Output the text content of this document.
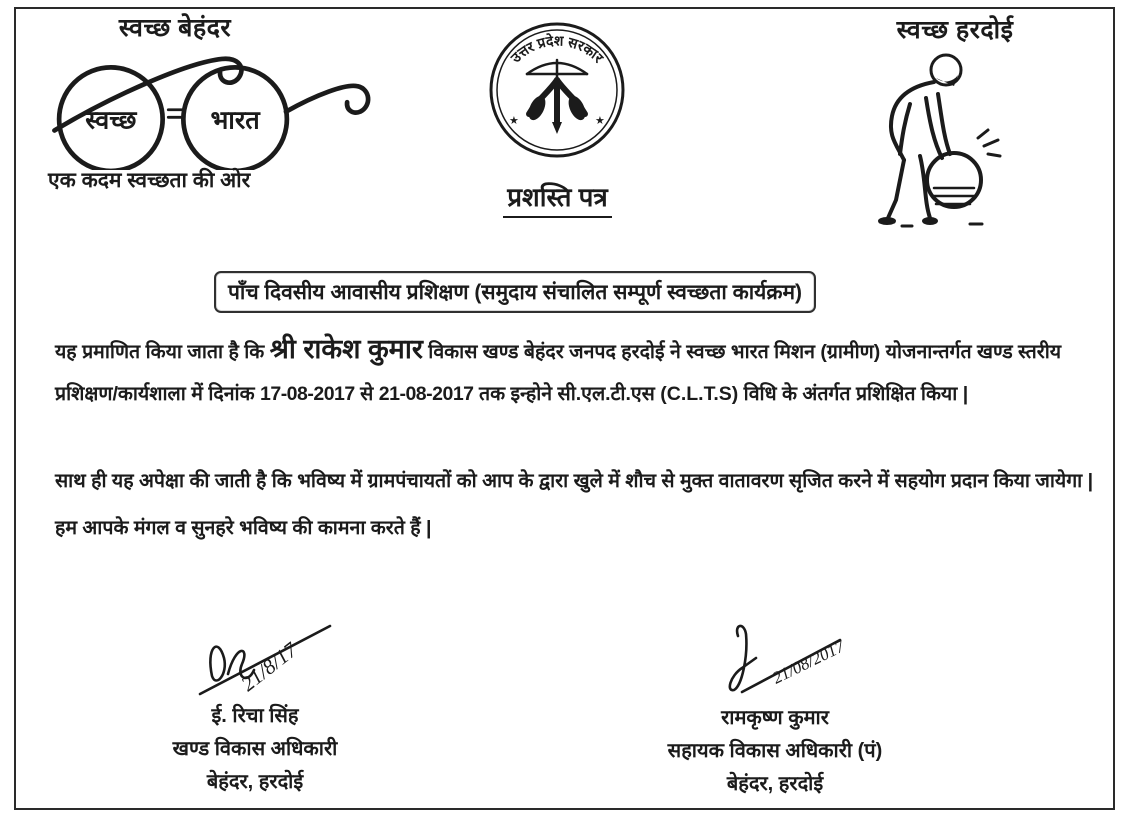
स्वच्छ बेहंदर
स्वच्छ	भारत
एक कदम स्वच्छता की ओर
उत्तर प्रदेश सरकार
★	★
प्रशस्ति पत्र
स्वच्छ हरदोई
पाँच दिवसीय आवासीय प्रशिक्षण (समुदाय संचालित सम्पूर्ण स्वच्छता कार्यक्रम)
यह प्रमाणित किया जाता है कि श्री राकेश कुमार विकास खण्ड बेहंदर जनपद हरदोई ने स्वच्छ भारत मिशन (ग्रामीण) योजनान्तर्गत खण्ड स्तरीय प्रशिक्षण/कार्यशाला में दिनांक 17-08-2017 से 21-08-2017 तक इन्होने सी.एल.टी.एस (C.L.T.S) विधि के अंतर्गत प्रशिक्षित किया |
साथ ही यह अपेक्षा की जाती है कि भविष्य में ग्रामपंचायतों को आप के द्वारा खुले में शौच से मुक्त वातावरण सृजित करने में सहयोग प्रदान किया जायेगा |
हम आपके मंगल व सुनहरे भविष्य की कामना करते हैं |
21/8/17
ई. रिचा सिंह
खण्ड विकास अधिकारी
बेहंदर, हरदोई
21/08/2017
रामकृष्ण कुमार
सहायक विकास अधिकारी (पं)
बेहंदर, हरदोई
